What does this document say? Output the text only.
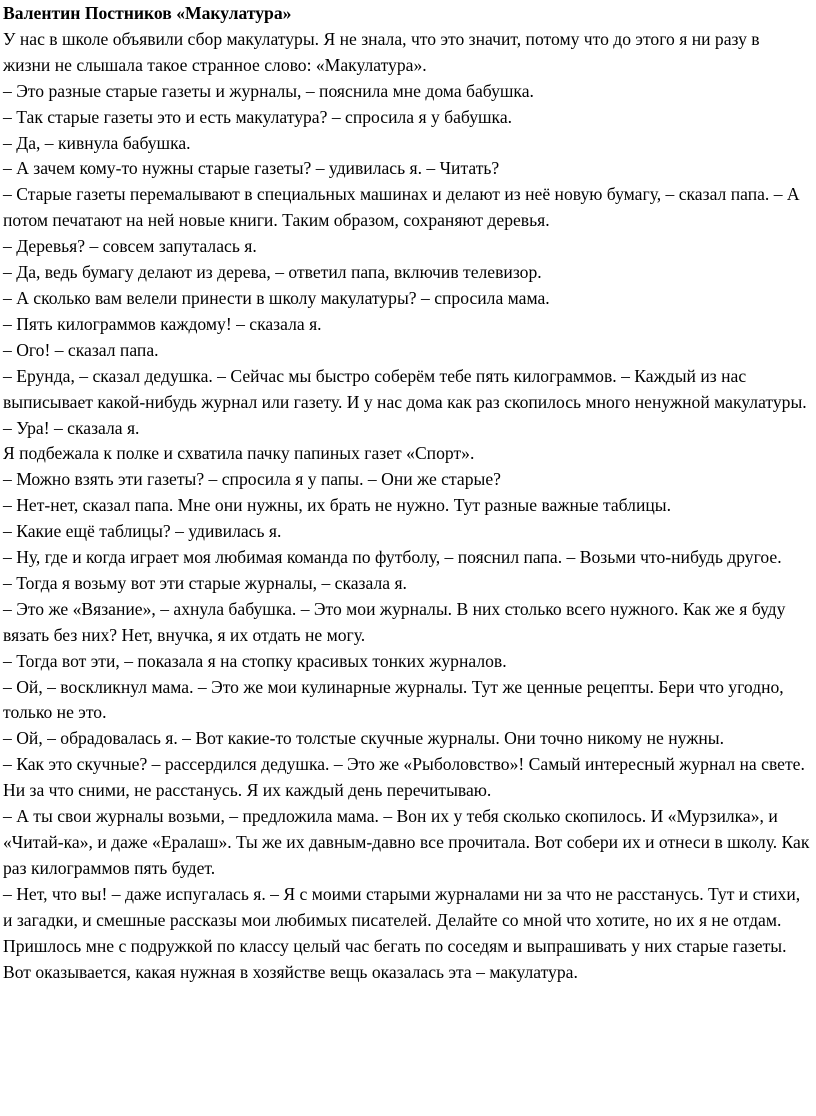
Валентин Постников «Макулатура»

У нас в школе объявили сбор макулатуры. Я не знала, что это значит, потому что до этого я ни разу в жизни не слышала такое странное слово: «Макулатура».

– Это разные старые газеты и журналы, – пояснила мне дома бабушка.

– Так старые газеты это и есть макулатура? – спросила я у бабушка.

– Да, – кивнула бабушка.

– А зачем кому-то нужны старые газеты? – удивилась я. – Читать?

– Старые газеты перемалывают в специальных машинах и делают из неё новую бумагу, – сказал папа. – А потом печатают на ней новые книги. Таким образом, сохраняют деревья.

– Деревья? – совсем запуталась я.

– Да, ведь бумагу делают из дерева, – ответил папа, включив телевизор.

– А сколько вам велели принести в школу макулатуры? – спросила мама.

– Пять килограммов каждому! – сказала я.

– Ого! – сказал папа.

– Ерунда, – сказал дедушка. – Сейчас мы быстро соберём тебе пять килограммов. – Каждый из нас выписывает какой-нибудь журнал или газету. И у нас дома как раз скопилось много ненужной макулатуры.

– Ура! – сказала я.

Я подбежала к полке и схватила пачку папиных газет «Спорт».

– Можно взять эти газеты? – спросила я у папы. – Они же старые?

– Нет-нет, сказал папа. Мне они нужны, их брать не нужно. Тут разные важные таблицы.

– Какие ещё таблицы? – удивилась я.

– Ну, где и когда играет моя любимая команда по футболу, – пояснил папа. – Возьми что-нибудь другое.

– Тогда я возьму вот эти старые журналы, – сказала я.

– Это же «Вязание», – ахнула бабушка. – Это мои журналы. В них столько всего нужного. Как же я буду вязать без них? Нет, внучка, я их отдать не могу.

– Тогда вот эти, – показала я на стопку красивых тонких журналов.

– Ой, – воскликнул мама. – Это же мои кулинарные журналы. Тут же ценные рецепты. Бери что угодно, только не это.

– Ой, – обрадовалась я. – Вот какие-то толстые скучные журналы. Они точно никому не нужны.

– Как это скучные? – рассердился дедушка. – Это же «Рыболовство»! Самый интересный журнал на свете. Ни за что сними, не расстанусь. Я их каждый день перечитываю.

– А ты свои журналы возьми, – предложила мама. – Вон их у тебя сколько скопилось. И «Мурзилка», и «Читай-ка», и даже «Ералаш». Ты же их давным-давно все прочитала. Вот собери их и отнеси в школу. Как раз килограммов пять будет.

– Нет, что вы! – даже испугалась я. – Я с моими старыми журналами ни за что не расстанусь. Тут и стихи, и загадки, и смешные рассказы мои любимых писателей. Делайте со мной что хотите, но их я не отдам.

Пришлось мне с подружкой по классу целый час бегать по соседям и выпрашивать у них старые газеты.

Вот оказывается, какая нужная в хозяйстве вещь оказалась эта – макулатура.
